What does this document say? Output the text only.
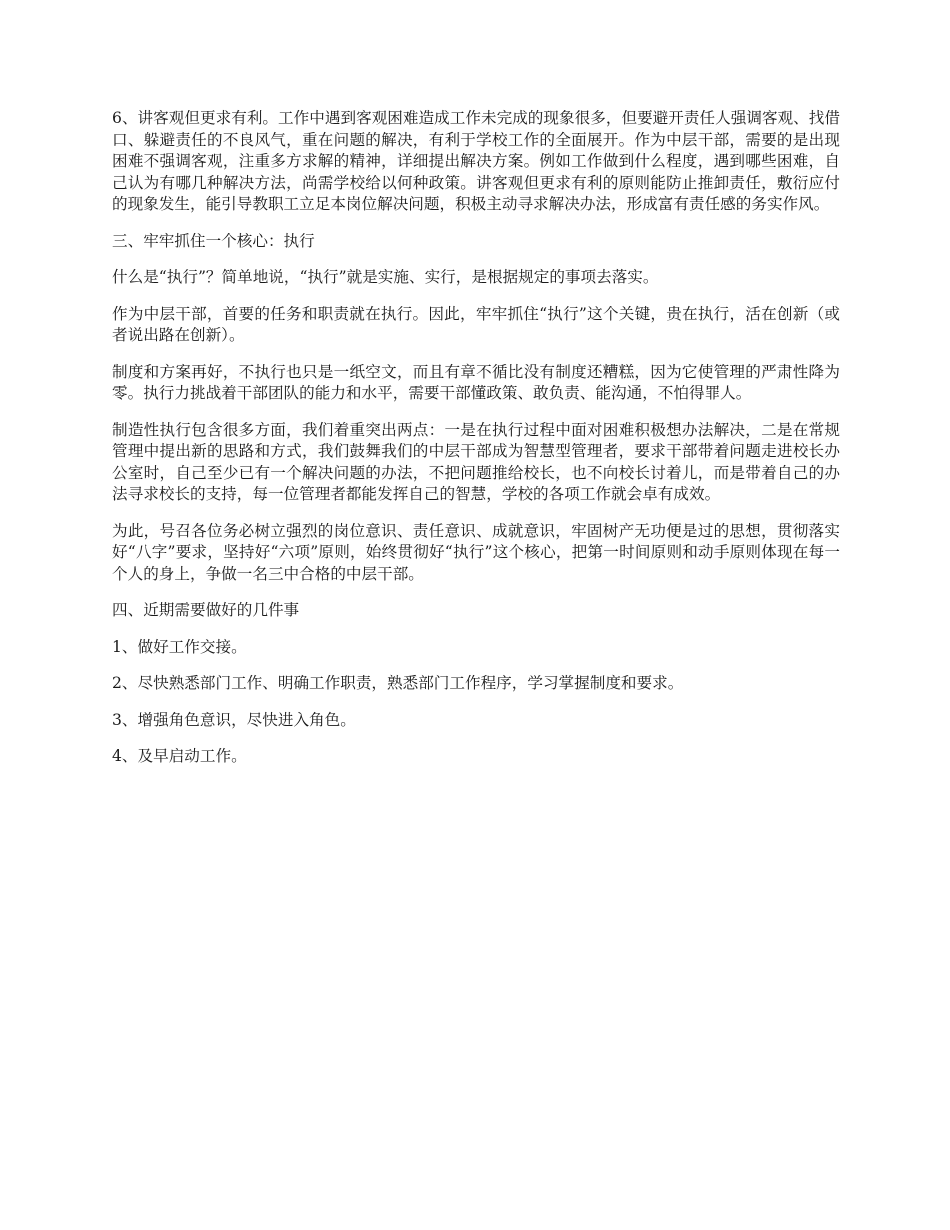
6、讲客观但更求有利。工作中遇到客观困难造成工作未完成的现象很多，但要避开责任人强调客观、找借口、躲避责任的不良风气，重在问题的解决，有利于学校工作的全面展开。作为中层干部，需要的是出现困难不强调客观，注重多方求解的精神，详细提出解决方案。例如工作做到什么程度，遇到哪些困难，自己认为有哪几种解决方法，尚需学校给以何种政策。讲客观但更求有利的原则能防止推卸责任，敷衍应付的现象发生，能引导教职工立足本岗位解决问题，积极主动寻求解决办法，形成富有责任感的务实作风。

三、牢牢抓住一个核心：执行

什么是“执行”？简单地说，“执行”就是实施、实行，是根据规定的事项去落实。

作为中层干部，首要的任务和职责就在执行。因此，牢牢抓住“执行”这个关键，贵在执行，活在创新（或者说出路在创新）。

制度和方案再好，不执行也只是一纸空文，而且有章不循比没有制度还糟糕，因为它使管理的严肃性降为零。执行力挑战着干部团队的能力和水平，需要干部懂政策、敢负责、能沟通，不怕得罪人。

制造性执行包含很多方面，我们着重突出两点：一是在执行过程中面对困难积极想办法解决，二是在常规管理中提出新的思路和方式，我们鼓舞我们的中层干部成为智慧型管理者，要求干部带着问题走进校长办公室时，自己至少已有一个解决问题的办法，不把问题推给校长，也不向校长讨着儿，而是带着自己的办法寻求校长的支持，每一位管理者都能发挥自己的智慧，学校的各项工作就会卓有成效。

为此，号召各位务必树立强烈的岗位意识、责任意识、成就意识，牢固树产无功便是过的思想，贯彻落实好“八字”要求，坚持好“六项”原则，始终贯彻好“执行”这个核心，把第一时间原则和动手原则体现在每一个人的身上，争做一名三中合格的中层干部。

四、近期需要做好的几件事

1、做好工作交接。

2、尽快熟悉部门工作、明确工作职责，熟悉部门工作程序，学习掌握制度和要求。

3、增强角色意识，尽快进入角色。

4、及早启动工作。
